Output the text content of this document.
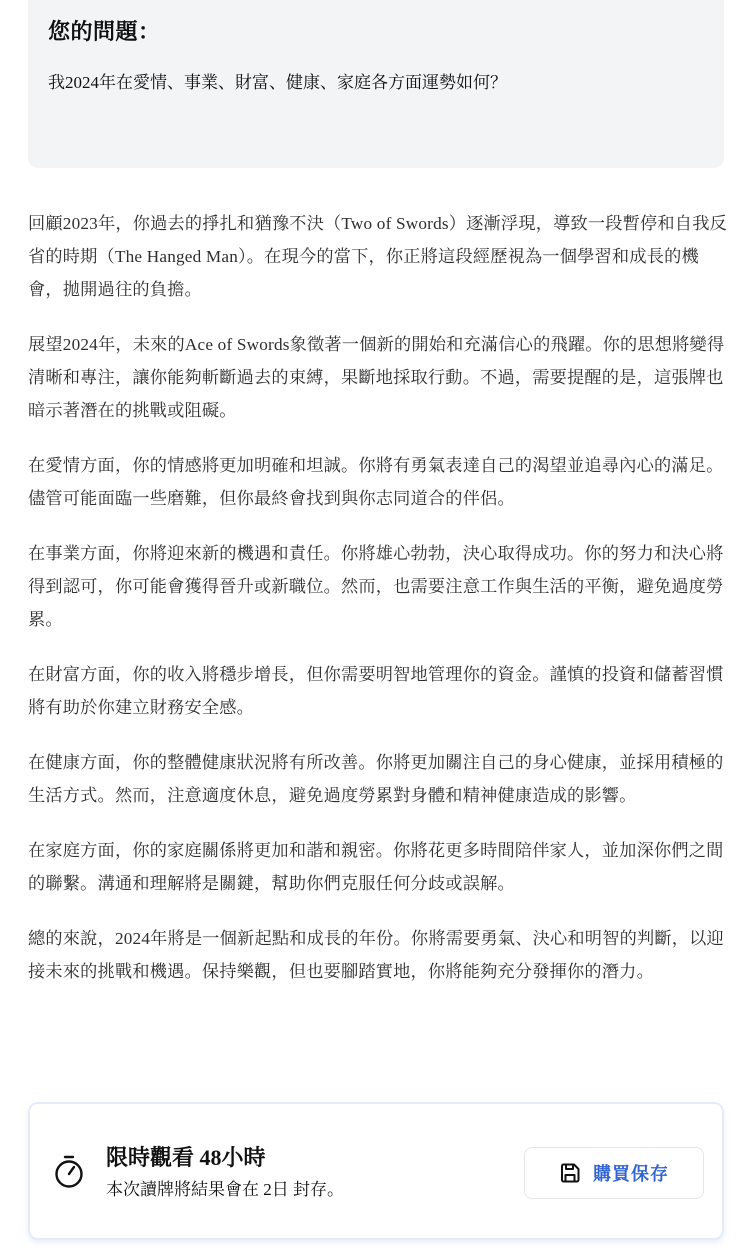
您的問題：
我2024年在愛情、事業、財富、健康、家庭各方面運勢如何？

回顧2023年，你過去的掙扎和猶豫不決（Two of Swords）逐漸浮現，導致一段暫停和自我反省的時期（The Hanged Man）。在現今的當下，你正將這段經歷視為一個學習和成長的機會，拋開過往的負擔。

展望2024年，未來的Ace of Swords象徵著一個新的開始和充滿信心的飛躍。你的思想將變得清晰和專注，讓你能夠斬斷過去的束縛，果斷地採取行動。不過，需要提醒的是，這張牌也暗示著潛在的挑戰或阻礙。

在愛情方面，你的情感將更加明確和坦誠。你將有勇氣表達自己的渴望並追尋內心的滿足。儘管可能面臨一些磨難，但你最終會找到與你志同道合的伴侶。

在事業方面，你將迎來新的機遇和責任。你將雄心勃勃，決心取得成功。你的努力和決心將得到認可，你可能會獲得晉升或新職位。然而，也需要注意工作與生活的平衡，避免過度勞累。

在財富方面，你的收入將穩步增長，但你需要明智地管理你的資金。謹慎的投資和儲蓄習慣將有助於你建立財務安全感。

在健康方面，你的整體健康狀況將有所改善。你將更加關注自己的身心健康，並採用積極的生活方式。然而，注意適度休息，避免過度勞累對身體和精神健康造成的影響。

在家庭方面，你的家庭關係將更加和諧和親密。你將花更多時間陪伴家人，並加深你們之間的聯繫。溝通和理解將是關鍵，幫助你們克服任何分歧或誤解。

總的來說，2024年將是一個新起點和成長的年份。你將需要勇氣、決心和明智的判斷，以迎接未來的挑戰和機遇。保持樂觀，但也要腳踏實地，你將能夠充分發揮你的潛力。

限時觀看 48小時
本次讀牌將結果會在 2日 封存。
購買保存
